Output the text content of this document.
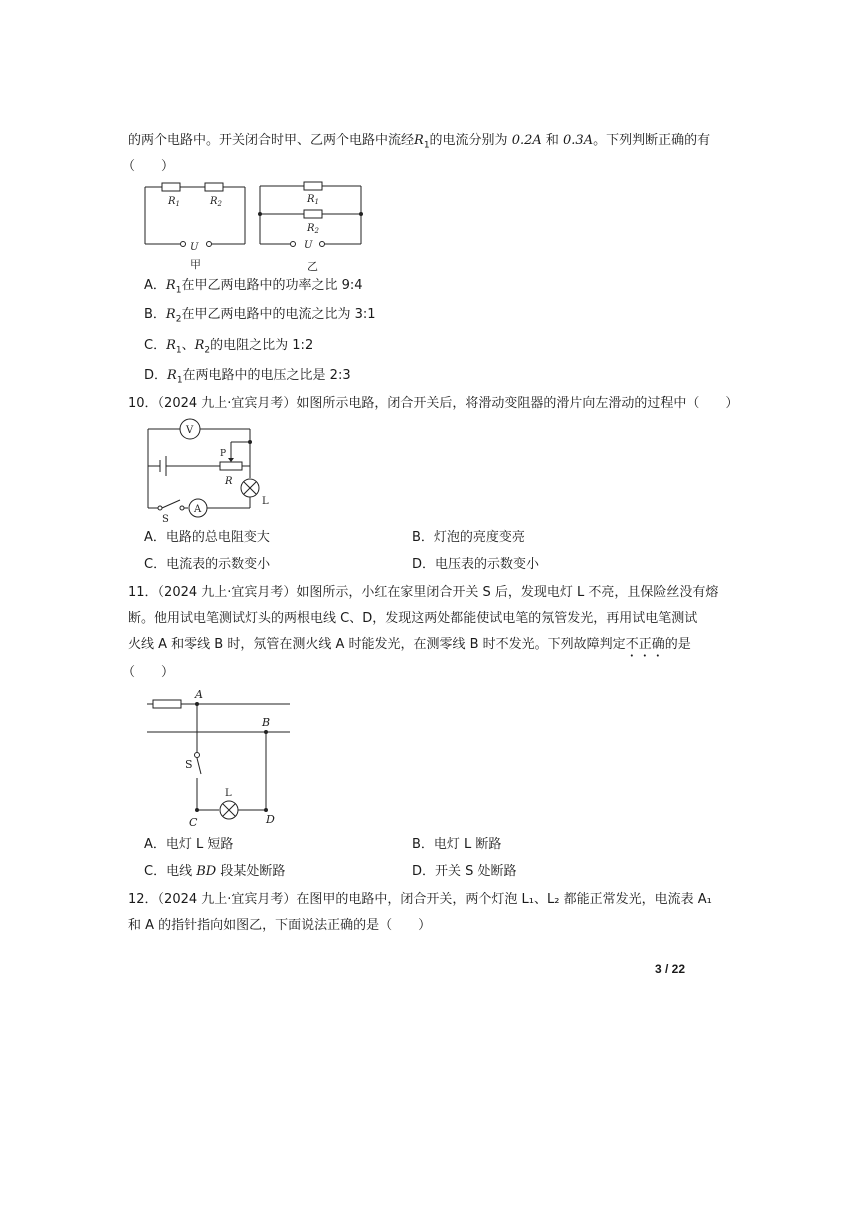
的两个电路中。开关闭合时甲、乙两个电路中流经$R_1$的电流分别为 0.2A 和 0.3A。下列判断正确的有
（　　）
$R_1$	$R_2$
U
甲
$R_1$
$R_2$
U
乙
A．$R_1$在甲乙两电路中的功率之比 9:4
B．$R_2$在甲乙两电路中的电流之比为 3:1
C．$R_1$、$R_2$的电阻之比为 1:2
D．$R_1$在两电路中的电压之比是 2:3
10．（2024 九上·宜宾月考）如图所示电路，闭合开关后，将滑动变阻器的滑片向左滑动的过程中（　　）
V
A
P
R
L
S
A．电路的总电阻变大	B．灯泡的亮度变亮
C．电流表的示数变小	D．电压表的示数变小
11．（2024 九上·宜宾月考）如图所示，小红在家里闭合开关 S 后，发现电灯 L 不亮，且保险丝没有熔
断。他用试电笔测试灯头的两根电线 C、D，发现这两处都能使试电笔的氖管发光，再用试电笔测试
火线 A 和零线 B 时，氖管在测火线 A 时能发光，在测零线 B 时不发光。下列故障判定不正确的是
（　　）
A
B
S
L
C	D
A．电灯 L 短路	B．电灯 L 断路
C．电线 BD 段某处断路	D．开关 S 处断路
12．（2024 九上·宜宾月考）在图甲的电路中，闭合开关，两个灯泡 L₁、L₂ 都能正常发光，电流表 A₁
和 A 的指针指向如图乙，下面说法正确的是（　　）
3 / 22
